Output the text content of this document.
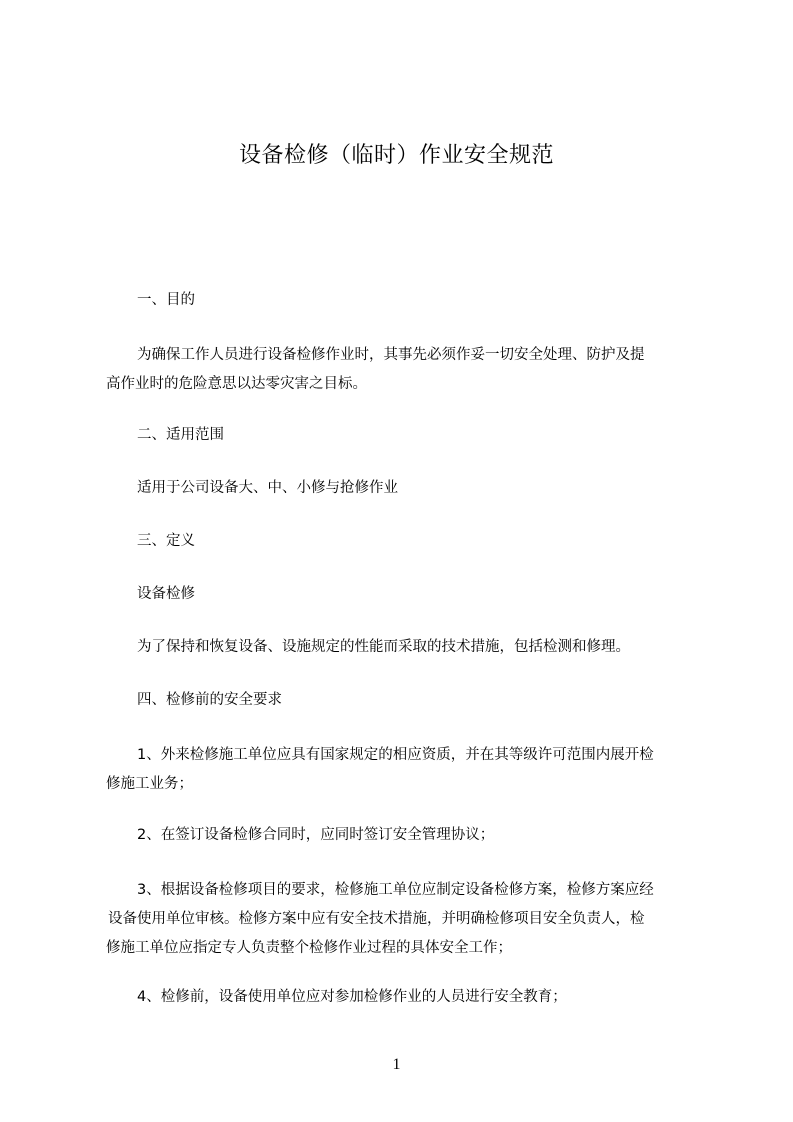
设备检修（临时）作业安全规范
一、目的
为确保工作人员进行设备检修作业时，其事先必须作妥一切安全处理、防护及提
高作业时的危险意思以达零灾害之目标。
二、适用范围
适用于公司设备大、中、小修与抢修作业
三、定义
设备检修
为了保持和恢复设备、设施规定的性能而采取的技术措施，包括检测和修理。
四、检修前的安全要求
1、外来检修施工单位应具有国家规定的相应资质，并在其等级许可范围内展开检
修施工业务；
2、在签订设备检修合同时，应同时签订安全管理协议；
3、根据设备检修项目的要求，检修施工单位应制定设备检修方案，检修方案应经
设备使用单位审核。检修方案中应有安全技术措施，并明确检修项目安全负责人，检
修施工单位应指定专人负责整个检修作业过程的具体安全工作；
4、检修前，设备使用单位应对参加检修作业的人员进行安全教育；
1
